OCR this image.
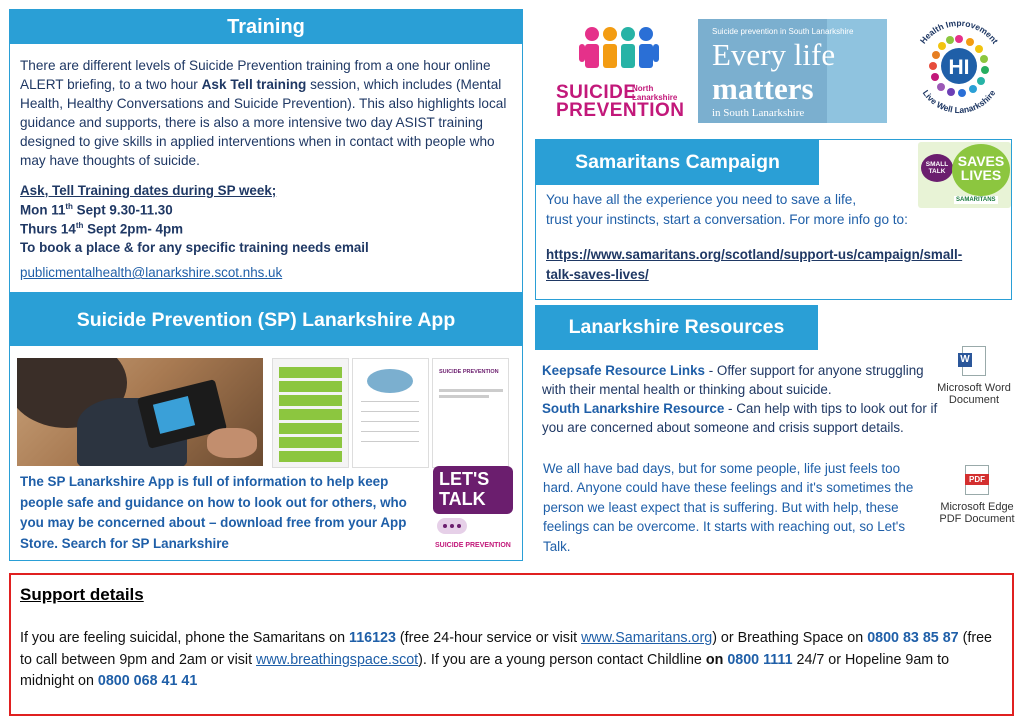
Training
There are different levels of Suicide Prevention training from a one hour online ALERT briefing, to a two hour Ask Tell training session, which includes (Mental Health, Healthy Conversations and Suicide Prevention). This also highlights local guidance and supports, there is also a more intensive two day ASIST training designed to give skills in applied interventions when in contact with people who may have thoughts of suicide.
Ask, Tell Training dates during SP week;
Mon 11th Sept 9.30-11.30
Thurs 14th Sept 2pm- 4pm
To book a place & for any specific training needs email
publicmentalhealth@lanarkshire.scot.nhs.uk
SUICIDE
North Lanarkshire
PREVENTION
Suicide prevention in South Lanarkshire
Every life
matters
in South Lanarkshire
Health Improvement
Live Well Lanarkshire
HI
Samaritans Campaign
You have all the experience you need to save a life,
trust your instincts, start a conversation. For more info go to:
https://www.samaritans.org/scotland/support-us/campaign/small-
talk-saves-lives/
SMALL TALK
SAVES
LIVES
SAMARITANS
Suicide Prevention (SP) Lanarkshire App
SUICIDE PREVENTION
The SP Lanarkshire App is full of information to help keep people safe and guidance on how to look out for others, who you may be concerned about – download free from your App Store. Search for SP Lanarkshire
LET'S
TALK
SUICIDE PREVENTION
Lanarkshire Resources
Keepsafe Resource Links - Offer support for anyone struggling with their mental health or thinking about suicide.
South Lanarkshire Resource - Can help with tips to look out for if you are concerned about someone and crisis support details.
W
Microsoft Word
Document
We all have bad days, but for some people, life just feels too hard. Anyone could have these feelings and it's sometimes the person we least expect that is suffering. But with help, these feelings can be overcome. It starts with reaching out, so Let's Talk.
PDF
Microsoft Edge
PDF Document
Support details
If you are feeling suicidal, phone the Samaritans on 116123 (free 24-hour service or visit www.Samaritans.org) or Breathing Space on 0800 83 85 87 (free to call between 9pm and 2am or visit www.breathingspace.scot). If you are a young person contact Childline on 0800 1111 24/7 or Hopeline 9am to midnight on 0800 068 41 41
